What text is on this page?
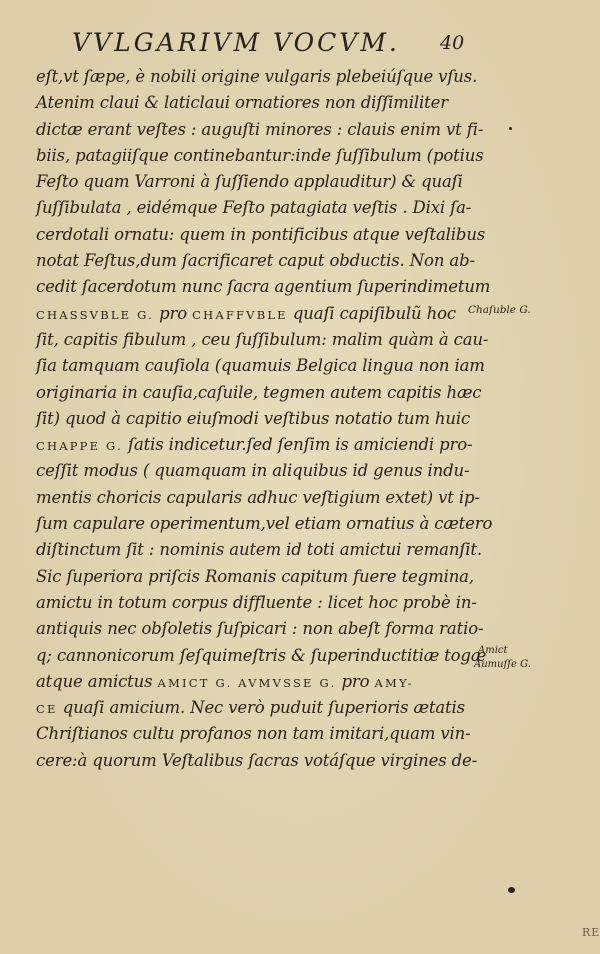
VVLGARIVM VOCVM. 40
eſt,vt ſæpe, è nobili origine vulgaris plebeiúſque vſus.
Atenim claui & laticlaui ornatiores non diſſimiliter
dictæ erant veſtes : auguſti minores : clauis enim vt fi-
biis, patagiiſque continebantur:inde ſuſſibulum (potius
Feſto quam Varroni à ſuſſiendo applauditur) & quaſi
ſuſſibulata , eidémque Feſto patagiata veſtis . Dixi ſa-
cerdotali ornatu: quem in pontificibus atque veſtalibus
notat Feſtus,dum ſacrificaret caput obductis. Non ab-
cedit ſacerdotum nunc ſacra agentium ſuperindimetum
CHASSVBLE G. pro CHAFFVBLE quaſi capiſibulũ hoc
ſit, capitis fibulum , ceu ſuſſibulum: malim quàm à cau-
ſia tamquam cauſiola (quamuis Belgica lingua non iam
originaria in cauſia,caſuile, tegmen autem capitis hæc
ſit) quod à capitio eiuſmodi veſtibus notatio tum huic
CHAPPE G. ſatis indicetur.ſed ſenſim is amiciendi pro-
ceſſit modus ( quamquam in aliquibus id genus indu-
mentis choricis capularis adhuc veſtigium extet) vt ip-
ſum capulare operimentum,vel etiam ornatius à cætero
diſtinctum ſit : nominis autem id toti amictui remanſit.
Sic ſuperiora priſcis Romanis capitum fuere tegmina,
amictu in totum corpus diffluente : licet hoc probè in-
antiquis nec obſoletis ſuſpicari : non abeſt forma ratio-
q; cannonicorum ſeſquimeſtris & ſuperinductitiæ togæ
atque amictus AMICT G. AVMVSSE G. pro AMY-
CE quaſi amicium. Nec verò puduit ſuperioris ætatis
Chriſtianos cultu profanos non tam imitari,quam vin-
cere:à quorum Veſtalibus ſacras votáſque virgines de-
Chaſuble G.
Amict
Aumuſſe G.
RE
